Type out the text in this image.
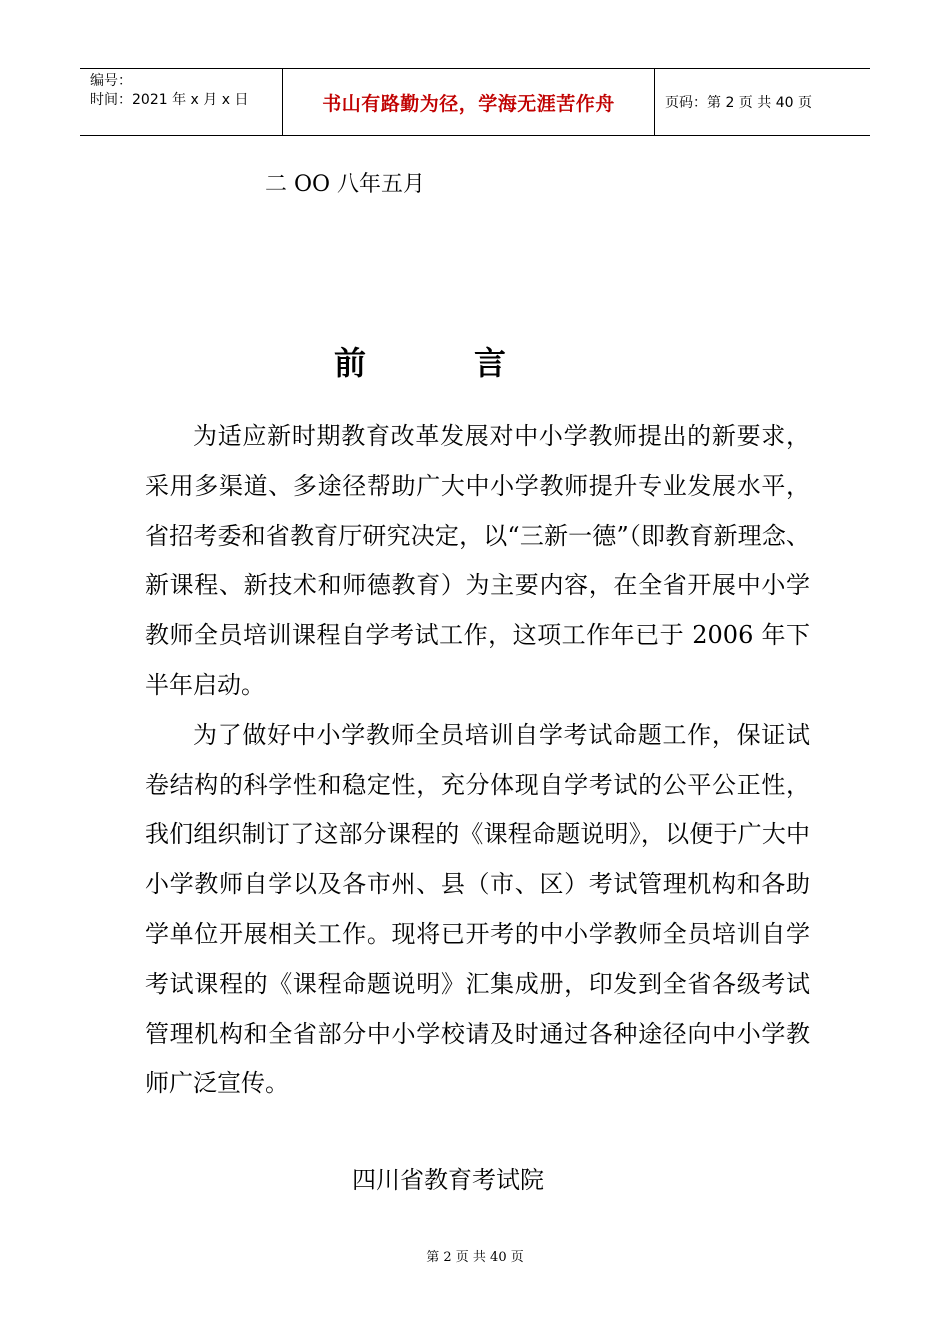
编号：
时间：2021 年 x 月 x 日	书山有路勤为径，学海无涯苦作舟	页码：第 2 页 共 40 页
二 OO 八年五月
前	言

为适应新时期教育改革发展对中小学教师提出的新要求，采用多渠道、多途径帮助广大中小学教师提升专业发展水平，省招考委和省教育厅研究决定，以“三新一德”（即教育新理念、新课程、新技术和师德教育）为主要内容，在全省开展中小学教师全员培训课程自学考试工作，这项工作年已于 2006 年下半年启动。

为了做好中小学教师全员培训自学考试命题工作，保证试卷结构的科学性和稳定性，充分体现自学考试的公平公正性，我们组织制订了这部分课程的《课程命题说明》，以便于广大中小学教师自学以及各市州、县（市、区）考试管理机构和各助学单位开展相关工作。现将已开考的中小学教师全员培训自学考试课程的《课程命题说明》汇集成册，印发到全省各级考试管理机构和全省部分中小学校请及时通过各种途径向中小学教师广泛宣传。

四川省教育考试院
第 2 页 共 40 页
